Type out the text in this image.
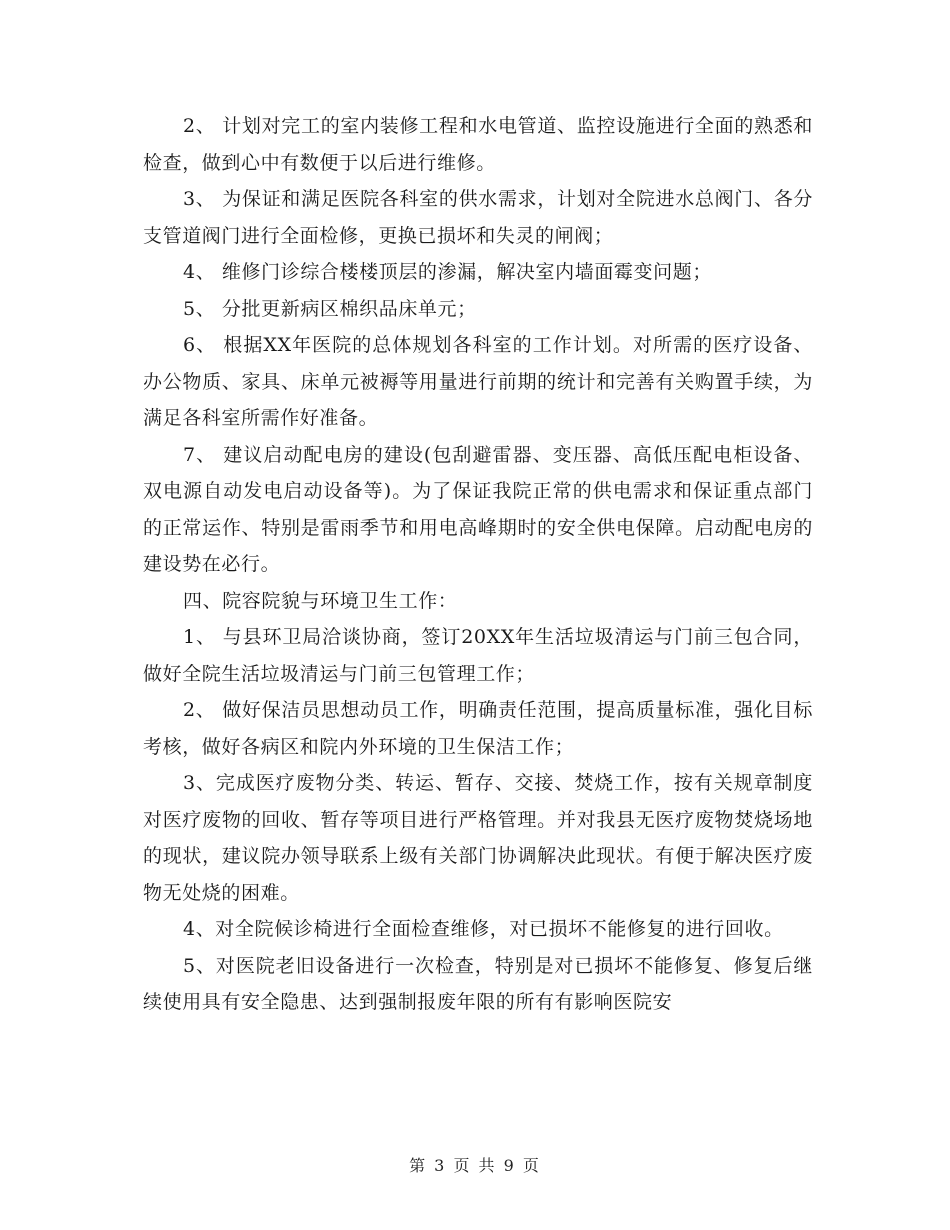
2、 计划对完工的室内装修工程和水电管道、监控设施进行全面的熟悉和检查，做到心中有数便于以后进行维修。

3、 为保证和满足医院各科室的供水需求，计划对全院进水总阀门、各分支管道阀门进行全面检修，更换已损坏和失灵的闸阀；

4、 维修门诊综合楼楼顶层的渗漏，解决室内墙面霉变问题；

5、 分批更新病区棉织品床单元；

6、 根据XX年医院的总体规划各科室的工作计划。对所需的医疗设备、办公物质、家具、床单元被褥等用量进行前期的统计和完善有关购置手续，为满足各科室所需作好准备。

7、 建议启动配电房的建设(包刮避雷器、变压器、高低压配电柜设备、双电源自动发电启动设备等)。为了保证我院正常的供电需求和保证重点部门的正常运作、特别是雷雨季节和用电高峰期时的安全供电保障。启动配电房的建设势在必行。

四、院容院貌与环境卫生工作：

1、 与县环卫局洽谈协商，签订20XX年生活垃圾清运与门前三包合同，做好全院生活垃圾清运与门前三包管理工作；

2、 做好保洁员思想动员工作，明确责任范围，提高质量标准，强化目标考核，做好各病区和院内外环境的卫生保洁工作；

3、完成医疗废物分类、转运、暂存、交接、焚烧工作，按有关规章制度对医疗废物的回收、暂存等项目进行严格管理。并对我县无医疗废物焚烧场地的现状，建议院办领导联系上级有关部门协调解决此现状。有便于解决医疗废物无处烧的困难。

4、对全院候诊椅进行全面检查维修，对已损坏不能修复的进行回收。

5、对医院老旧设备进行一次检查，特别是对已损坏不能修复、修复后继续使用具有安全隐患、达到强制报废年限的所有有影响医院安

第 3 页 共 9 页
